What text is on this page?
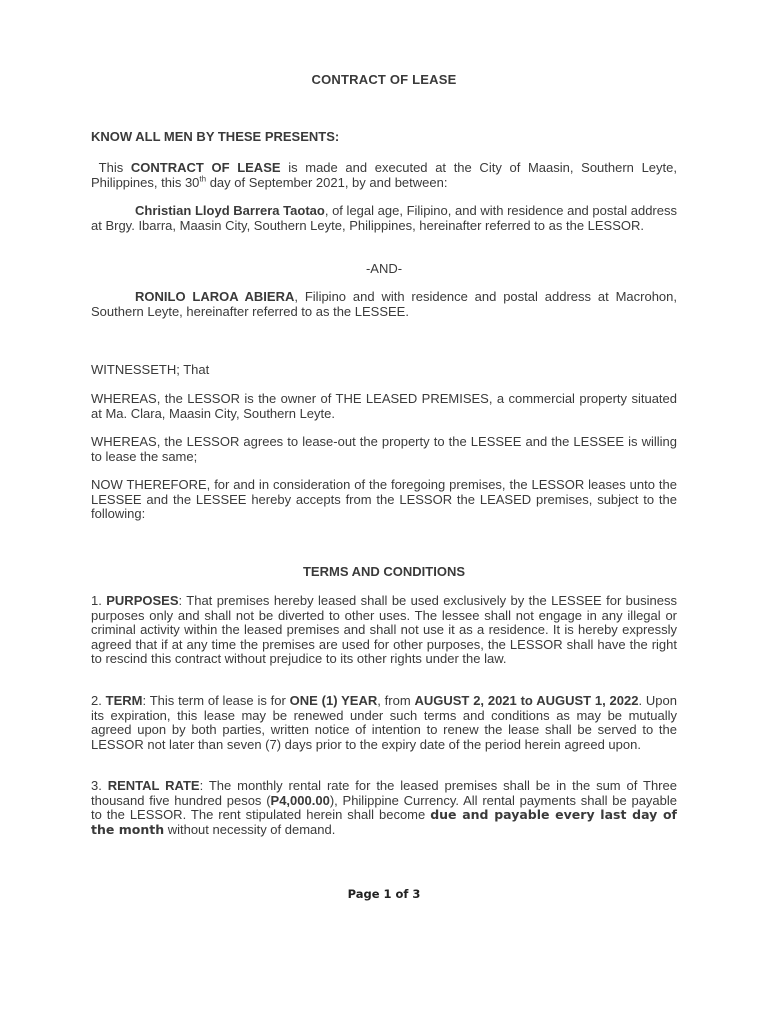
CONTRACT OF LEASE
KNOW ALL MEN BY THESE PRESENTS:
This CONTRACT OF LEASE is made and executed at the City of Maasin, Southern Leyte, Philippines, this 30th day of September 2021, by and between:
Christian Lloyd Barrera Taotao, of legal age, Filipino, and with residence and postal address at Brgy. Ibarra, Maasin City, Southern Leyte, Philippines, hereinafter referred to as the LESSOR.
-AND-
RONILO LAROA ABIERA, Filipino and with residence and postal address at Macrohon, Southern Leyte, hereinafter referred to as the LESSEE.
WITNESSETH; That
WHEREAS, the LESSOR is the owner of THE LEASED PREMISES, a commercial property situated at Ma. Clara, Maasin City, Southern Leyte.
WHEREAS, the LESSOR agrees to lease-out the property to the LESSEE and the LESSEE is willing to lease the same;
NOW THEREFORE, for and in consideration of the foregoing premises, the LESSOR leases unto the LESSEE and the LESSEE hereby accepts from the LESSOR the LEASED premises, subject to the following:
TERMS AND CONDITIONS
1. PURPOSES: That premises hereby leased shall be used exclusively by the LESSEE for business purposes only and shall not be diverted to other uses. The lessee shall not engage in any illegal or criminal activity within the leased premises and shall not use it as a residence. It is hereby expressly agreed that if at any time the premises are used for other purposes, the LESSOR shall have the right to rescind this contract without prejudice to its other rights under the law.
2. TERM: This term of lease is for ONE (1) YEAR, from AUGUST 2, 2021 to AUGUST 1, 2022. Upon its expiration, this lease may be renewed under such terms and conditions as may be mutually agreed upon by both parties, written notice of intention to renew the lease shall be served to the LESSOR not later than seven (7) days prior to the expiry date of the period herein agreed upon.
3. RENTAL RATE: The monthly rental rate for the leased premises shall be in the sum of Three thousand five hundred pesos (P4,000.00), Philippine Currency. All rental payments shall be payable to the LESSOR. The rent stipulated herein shall become due and payable every last day of the month without necessity of demand.
Page 1 of 3
